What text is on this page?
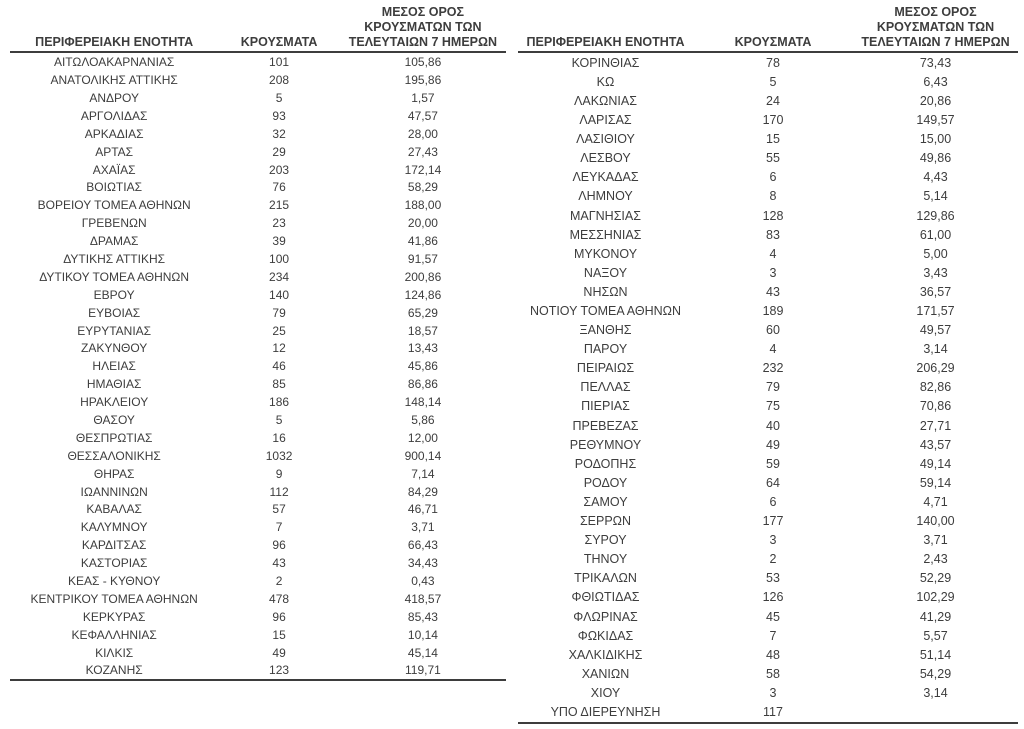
ΠΕΡΙΦΕΡΕΙΑΚΗ ΕΝΟΤΗΤΑ	ΚΡΟΥΣΜΑΤΑ	ΜΕΣΟΣ ΟΡΟΣ
ΚΡΟΥΣΜΑΤΩΝ ΤΩΝ
ΤΕΛΕΥΤΑΙΩΝ 7 ΗΜΕΡΩΝ
ΑΙΤΩΛΟΑΚΑΡΝΑΝΙΑΣ	101	105,86
ΑΝΑΤΟΛΙΚΗΣ ΑΤΤΙΚΗΣ	208	195,86
ΑΝΔΡΟΥ	5	1,57
ΑΡΓΟΛΙΔΑΣ	93	47,57
ΑΡΚΑΔΙΑΣ	32	28,00
ΑΡΤΑΣ	29	27,43
ΑΧΑΪΑΣ	203	172,14
ΒΟΙΩΤΙΑΣ	76	58,29
ΒΟΡΕΙΟΥ ΤΟΜΕΑ ΑΘΗΝΩΝ	215	188,00
ΓΡΕΒΕΝΩΝ	23	20,00
ΔΡΑΜΑΣ	39	41,86
ΔΥΤΙΚΗΣ ΑΤΤΙΚΗΣ	100	91,57
ΔΥΤΙΚΟΥ ΤΟΜΕΑ ΑΘΗΝΩΝ	234	200,86
ΕΒΡΟΥ	140	124,86
ΕΥΒΟΙΑΣ	79	65,29
ΕΥΡΥΤΑΝΙΑΣ	25	18,57
ΖΑΚΥΝΘΟΥ	12	13,43
ΗΛΕΙΑΣ	46	45,86
ΗΜΑΘΙΑΣ	85	86,86
ΗΡΑΚΛΕΙΟΥ	186	148,14
ΘΑΣΟΥ	5	5,86
ΘΕΣΠΡΩΤΙΑΣ	16	12,00
ΘΕΣΣΑΛΟΝΙΚΗΣ	1032	900,14
ΘΗΡΑΣ	9	7,14
ΙΩΑΝΝΙΝΩΝ	112	84,29
ΚΑΒΑΛΑΣ	57	46,71
ΚΑΛΥΜΝΟΥ	7	3,71
ΚΑΡΔΙΤΣΑΣ	96	66,43
ΚΑΣΤΟΡΙΑΣ	43	34,43
ΚΕΑΣ - ΚΥΘΝΟΥ	2	0,43
ΚΕΝΤΡΙΚΟΥ ΤΟΜΕΑ ΑΘΗΝΩΝ	478	418,57
ΚΕΡΚΥΡΑΣ	96	85,43
ΚΕΦΑΛΛΗΝΙΑΣ	15	10,14
ΚΙΛΚΙΣ	49	45,14
ΚΟΖΑΝΗΣ	123	119,71
ΠΕΡΙΦΕΡΕΙΑΚΗ ΕΝΟΤΗΤΑ	ΚΡΟΥΣΜΑΤΑ	ΜΕΣΟΣ ΟΡΟΣ
ΚΡΟΥΣΜΑΤΩΝ ΤΩΝ
ΤΕΛΕΥΤΑΙΩΝ 7 ΗΜΕΡΩΝ
ΚΟΡΙΝΘΙΑΣ	78	73,43
ΚΩ	5	6,43
ΛΑΚΩΝΙΑΣ	24	20,86
ΛΑΡΙΣΑΣ	170	149,57
ΛΑΣΙΘΙΟΥ	15	15,00
ΛΕΣΒΟΥ	55	49,86
ΛΕΥΚΑΔΑΣ	6	4,43
ΛΗΜΝΟΥ	8	5,14
ΜΑΓΝΗΣΙΑΣ	128	129,86
ΜΕΣΣΗΝΙΑΣ	83	61,00
ΜΥΚΟΝΟΥ	4	5,00
ΝΑΞΟΥ	3	3,43
ΝΗΣΩΝ	43	36,57
ΝΟΤΙΟΥ ΤΟΜΕΑ ΑΘΗΝΩΝ	189	171,57
ΞΑΝΘΗΣ	60	49,57
ΠΑΡΟΥ	4	3,14
ΠΕΙΡΑΙΩΣ	232	206,29
ΠΕΛΛΑΣ	79	82,86
ΠΙΕΡΙΑΣ	75	70,86
ΠΡΕΒΕΖΑΣ	40	27,71
ΡΕΘΥΜΝΟΥ	49	43,57
ΡΟΔΟΠΗΣ	59	49,14
ΡΟΔΟΥ	64	59,14
ΣΑΜΟΥ	6	4,71
ΣΕΡΡΩΝ	177	140,00
ΣΥΡΟΥ	3	3,71
ΤΗΝΟΥ	2	2,43
ΤΡΙΚΑΛΩΝ	53	52,29
ΦΘΙΩΤΙΔΑΣ	126	102,29
ΦΛΩΡΙΝΑΣ	45	41,29
ΦΩΚΙΔΑΣ	7	5,57
ΧΑΛΚΙΔΙΚΗΣ	48	51,14
ΧΑΝΙΩΝ	58	54,29
ΧΙΟΥ	3	3,14
ΥΠΟ ΔΙΕΡΕΥΝΗΣΗ	117	
